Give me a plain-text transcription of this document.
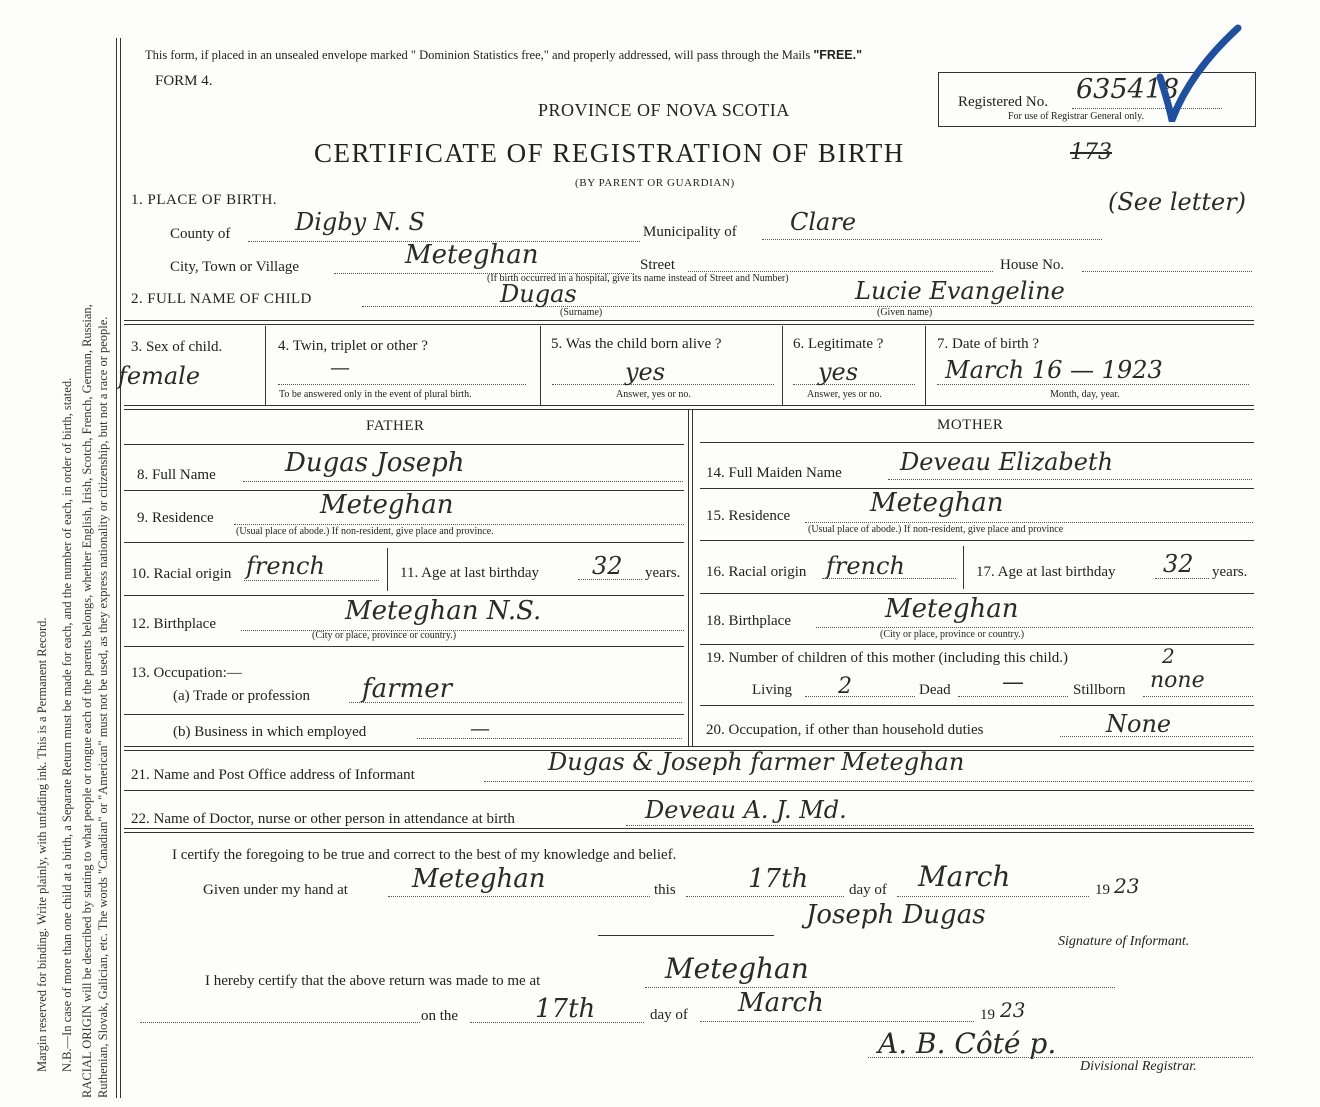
Margin reserved for binding. Write plainly, with unfading ink. This is a Permanent Record. N.B.—In case of more than one child at a birth, a Separate Return must be made for each, and the number of each, in order of birth, stated. RACIAL ORIGIN will be described by stating to what people or tongue each of the parents belongs, whether English, Irish, Scotch, French, German, Russian, Ruthenian, Slovak, Galician, etc. The words "Canadian" or "American" must not be used, as they express nationality or citizenship, but not a race or people.
This form, if placed in an unsealed envelope marked " Dominion Statistics free," and properly addressed, will pass through the Mails "FREE."
FORM 4.
PROVINCE OF NOVA SCOTIA	Registered No. 635418
For use of Registrar General only.
CERTIFICATE OF REGISTRATION OF BIRTH	173
(BY PARENT OR GUARDIAN)
1. PLACE OF BIRTH.
County of	Digby N. S	Municipality of Clare
(See letter)
City, Town or Village	Meteghan	Street	House No.
(If birth occurred in a hospital, give its name instead of Street and Number)
2. FULL NAME OF CHILD	Dugas
(Surname)
Lucie Evangeline
(Given name)
3. Sex of child.
female
4. Twin, triplet or other ?
—
To be answered only in the event of plural birth.
5. Was the child born alive ?
yes
Answer, yes or no.
6. Legitimate ?
yes
Answer, yes or no.
7. Date of birth ?
March 16 — 1923
Month, day, year.
FATHER	MOTHER
8. Full Name	Dugas Joseph	14. Full Maiden Name Deveau Elizabeth
9. Residence	Meteghan
(Usual place of abode.) If non-resident, give place and province.
15. Residence	Meteghan
(Usual place of abode.) If non-resident, give place and province
10. Racial origin french	11. Age at last birthday 32 years. 16. Racial origin french	17. Age at last birthday 32 years.
12. Birthplace	Meteghan N.S.
(City or place, province or country.)
18. Birthplace	Meteghan
(City or place, province or country.)
13. Occupation:—
(a) Trade or profession farmer
(b) Business in which employed	—
19. Number of children of this mother (including this child.)	2
Living 2	Dead —	Stillborn none
20. Occupation, if other than household duties	None
21. Name and Post Office address of Informant	Dugas & Joseph farmer Meteghan
22. Name of Doctor, nurse or other person in attendance at birth	Deveau A. J. Md.
I certify the foregoing to be true and correct to the best of my knowledge and belief.
Given under my hand at Meteghan	this	17th	day of March	19 23
Joseph Dugas
Signature of Informant.
I hereby certify that the above return was made to me at	Meteghan
on the	17th	day of March	19 23
A. B. Côté p.
Divisional Registrar.
